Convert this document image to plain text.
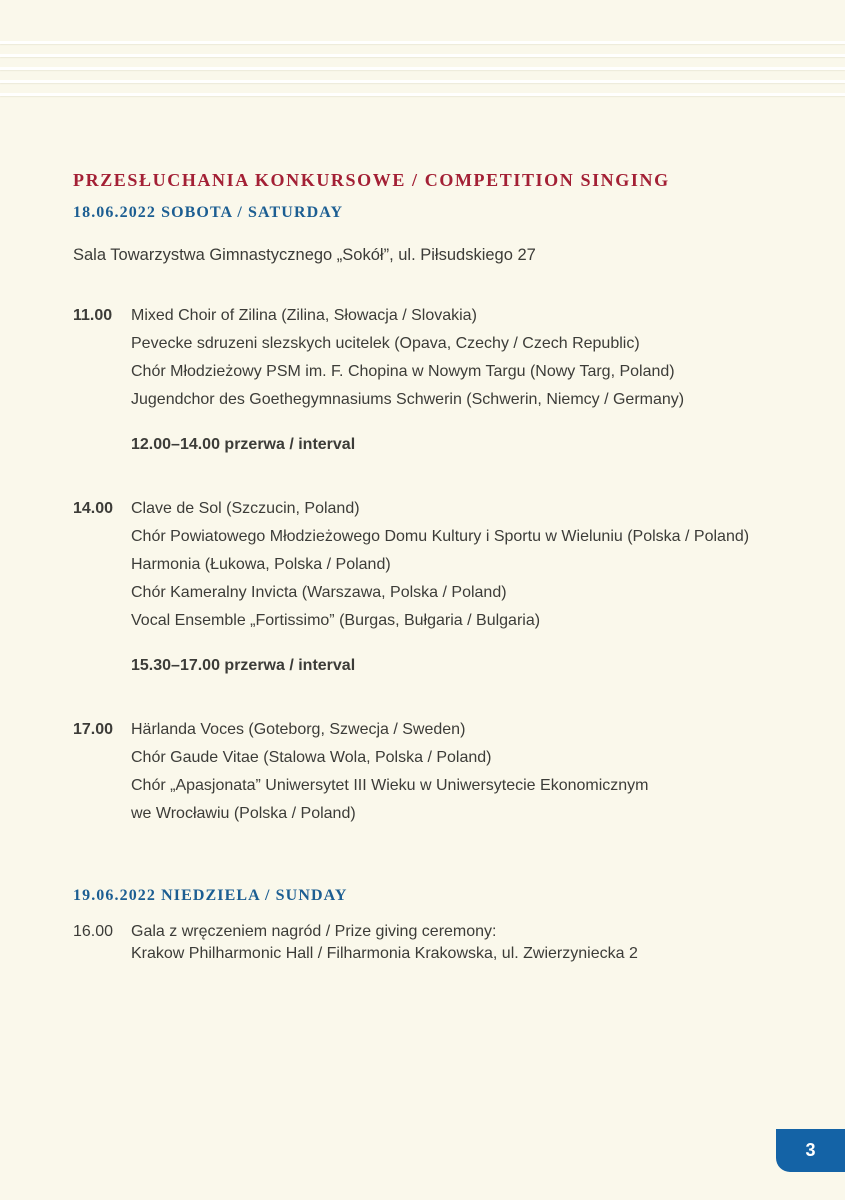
PRZESŁUCHANIA KONKURSOWE / COMPETITION SINGING
18.06.2022 SOBOTA / SATURDAY

Sala Towarzystwa Gimnastycznego „Sokół”, ul. Piłsudskiego 27

11.00	Mixed Choir of Zilina (Zilina, Słowacja / Slovakia)

Pevecke sdruzeni slezskych ucitelek (Opava, Czechy / Czech Republic)

Chór Młodzieżowy PSM im. F. Chopina w Nowym Targu (Nowy Targ, Poland)

Jugendchor des Goethegymnasiums Schwerin (Schwerin, Niemcy / Germany)

12.00–14.00 przerwa / interval

14.00	Clave de Sol (Szczucin, Poland)

Chór Powiatowego Młodzieżowego Domu Kultury i Sportu w Wieluniu (Polska / Poland)

Harmonia (Łukowa, Polska / Poland)

Chór Kameralny Invicta (Warszawa, Polska / Poland)

Vocal Ensemble „Fortissimo” (Burgas, Bułgaria / Bulgaria)

15.30–17.00 przerwa / interval

17.00	Härlanda Voces (Goteborg, Szwecja / Sweden)

Chór Gaude Vitae (Stalowa Wola, Polska / Poland)

Chór „Apasjonata” Uniwersytet III Wieku w Uniwersytecie Ekonomicznym

we Wrocławiu (Polska / Poland)

19.06.2022 NIEDZIELA / SUNDAY
16.00	Gala z wręczeniem nagród / Prize giving ceremony:

Krakow Philharmonic Hall / Filharmonia Krakowska, ul. Zwierzyniecka 2

3
